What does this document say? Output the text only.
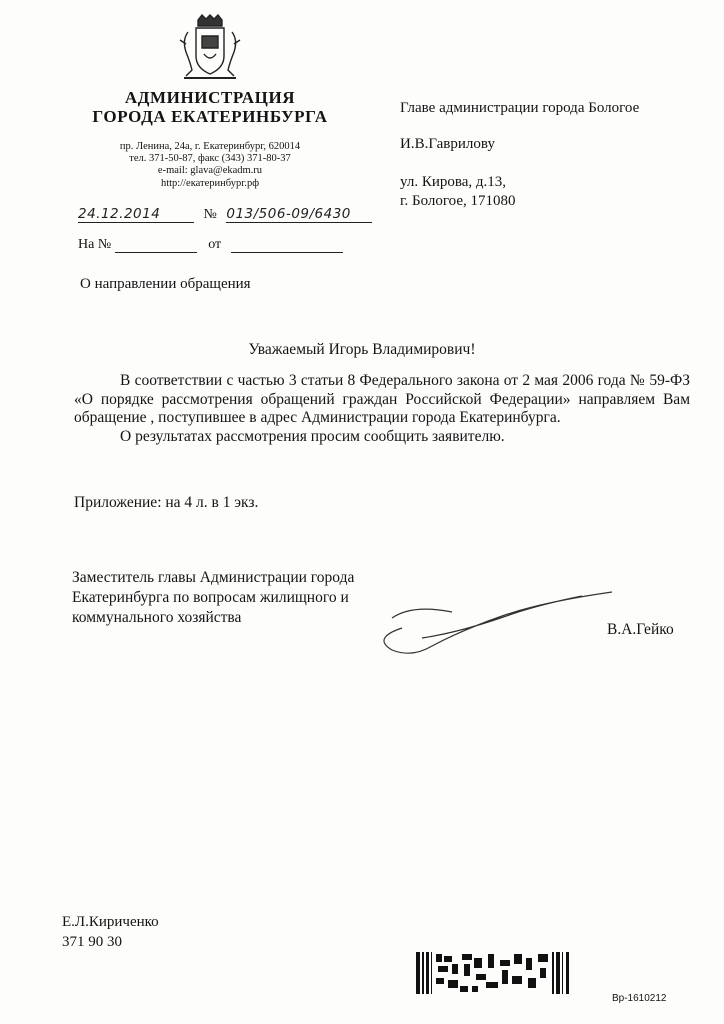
АДМИНИСТРАЦИЯ
ГОРОДА ЕКАТЕРИНБУРГА
пр. Ленина, 24а, г. Екатеринбург, 620014
тел. 371-50-87, факс (343) 371-80-37
e-mail: glava@ekadm.ru
http://екатеринбург.рф
24.12.2014	№ 013/506-09/6430
На №	от
Главе администрации города Бологое
И.В.Гаврилову
ул. Кирова, д.13,
г. Бологое, 171080
О направлении обращения
Уважаемый Игорь Владимирович!

В соответствии с частью 3 статьи 8 Федерального закона от 2 мая 2006 года № 59-ФЗ «О порядке рассмотрения обращений граждан Российской Федерации» направляем Вам обращение , поступившее в адрес Администрации города Екатеринбурга.

О результатах рассмотрения просим сообщить заявителю.

Приложение: на 4 л. в 1 экз.
Заместитель главы Администрации города
Екатеринбурга по вопросам жилищного и
коммунального хозяйства
В.А.Гейко
Е.Л.Кириченко
371 90 30
Вр-1610212
